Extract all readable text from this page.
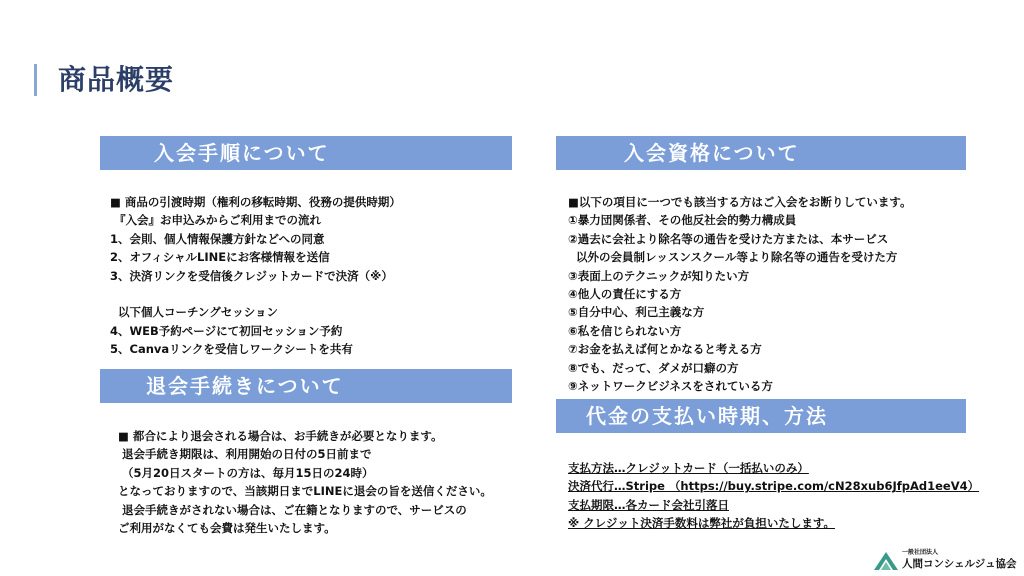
商品概要
入会手順について
■ 商品の引渡時期（権利の移転時期、役務の提供時期）
『入会』お申込みからご利用までの流れ
1、会則、個人情報保護方針などへの同意
2、オフィシャルLINEにお客様情報を送信
3、決済リンクを受信後クレジットカードで決済（※）
以下個人コーチングセッション
4、WEB予約ページにて初回セッション予約
5、Canvaリンクを受信しワークシートを共有
退会手続きについて
■ 都合により退会される場合は、お手続きが必要となります。
退会手続き期限は、利用開始の日付の5日前まで
（5月20日スタートの方は、毎月15日の24時）
となっておりますので、当該期日までLINEに退会の旨を送信ください。
退会手続きがされない場合は、ご在籍となりますので、サービスの
ご利用がなくても会費は発生いたします。
入会資格について
■以下の項目に一つでも該当する方はご入会をお断りしています。
①暴力団関係者、その他反社会的勢力構成員
②過去に会社より除名等の通告を受けた方または、本サービス
以外の会員制レッスンスクール等より除名等の通告を受けた方
③表面上のテクニックが知りたい方
④他人の責任にする方
⑤自分中心、利己主義な方
⑥私を信じられない方
⑦お金を払えば何とかなると考える方
⑧でも、だって、ダメが口癖の方
⑨ネットワークビジネスをされている方
代金の支払い時期、方法
支払方法…クレジットカード（一括払いのみ）
決済代行…Stripe （https://buy.stripe.com/cN28xub6JfpAd1eeV4）
支払期限…各カード会社引落日
※ クレジット決済手数料は弊社が負担いたします。
一般社団法人
人間コンシェルジュ協会
